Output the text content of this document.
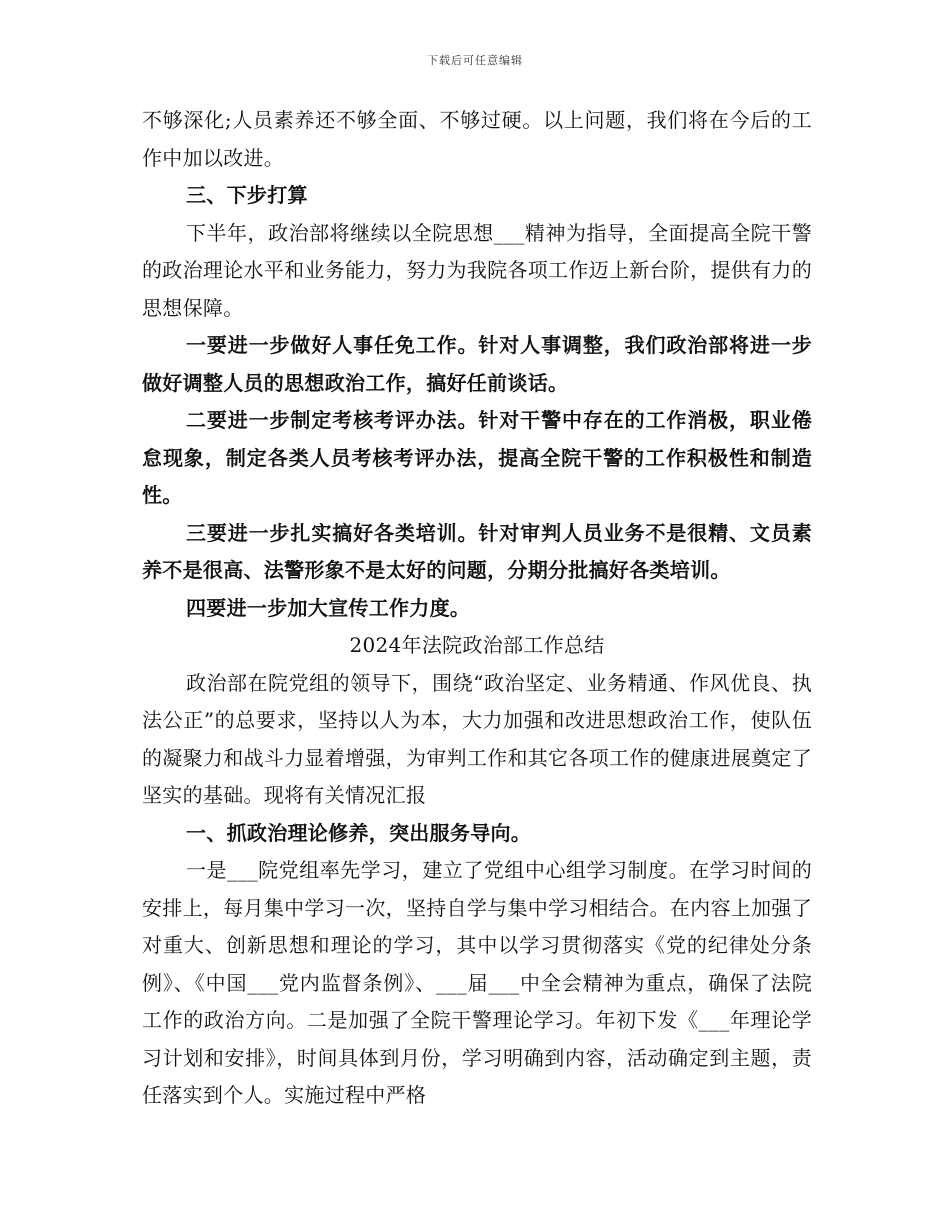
下载后可任意编辑

不够深化;人员素养还不够全面、不够过硬。以上问题，我们将在今后的工作中加以改进。

三、下步打算

下半年，政治部将继续以全院思想___精神为指导，全面提高全院干警的政治理论水平和业务能力，努力为我院各项工作迈上新台阶，提供有力的思想保障。

一要进一步做好人事任免工作。针对人事调整，我们政治部将进一步做好调整人员的思想政治工作，搞好任前谈话。

二要进一步制定考核考评办法。针对干警中存在的工作消极，职业倦怠现象，制定各类人员考核考评办法，提高全院干警的工作积极性和制造性。

三要进一步扎实搞好各类培训。针对审判人员业务不是很精、文员素养不是很高、法警形象不是太好的问题，分期分批搞好各类培训。

四要进一步加大宣传工作力度。

2024年法院政治部工作总结

政治部在院党组的领导下，围绕“政治坚定、业务精通、作风优良、执法公正”的总要求，坚持以人为本，大力加强和改进思想政治工作，使队伍的凝聚力和战斗力显着增强，为审判工作和其它各项工作的健康进展奠定了坚实的基础。现将有关情况汇报

一、抓政治理论修养，突出服务导向。

一是___院党组率先学习，建立了党组中心组学习制度。在学习时间的安排上，每月集中学习一次，坚持自学与集中学习相结合。在内容上加强了对重大、创新思想和理论的学习，其中以学习贯彻落实《党的纪律处分条例》、《中国___党内监督条例》、___届___中全会精神为重点，确保了法院工作的政治方向。二是加强了全院干警理论学习。年初下发《___年理论学习计划和安排》，时间具体到月份，学习明确到内容，活动确定到主题，责任落实到个人。实施过程中严格
